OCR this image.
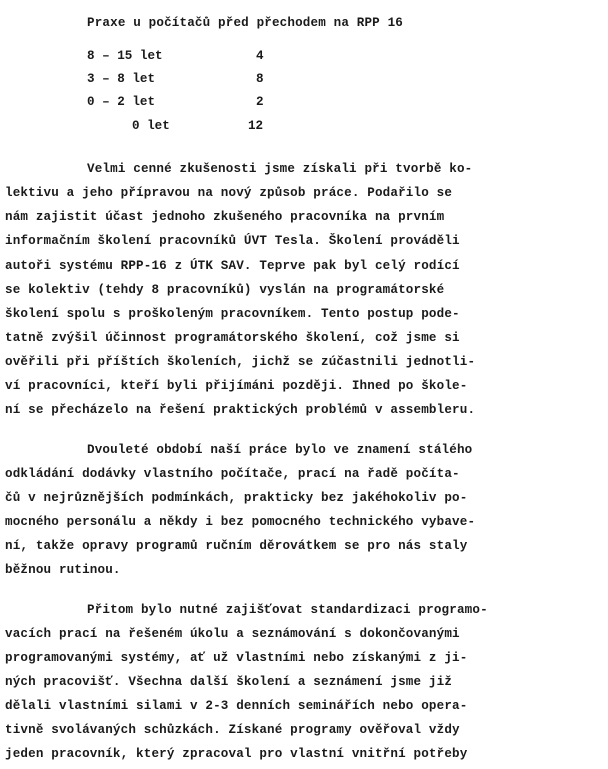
Praxe u počítačů před přechodem na RPP 16
8 – 15 let	4
3 – 8 let	8
0 – 2 let	2
0 let	12
Velmi cenné zkušenosti jsme získali při tvorbě ko-
lektivu a jeho přípravou na nový způsob práce. Podařilo se
nám zajistit účast jednoho zkušeného pracovníka na prvním
informačním školení pracovníků ÚVT Tesla. Školení prováděli
autoři systému RPP-16 z ÚTK SAV. Teprve pak byl celý rodící
se kolektiv (tehdy 8 pracovníků) vyslán na programátorské
školení spolu s proškoleným pracovníkem. Tento postup pode-
tatně zvýšil účinnost programátorského školení, což jsme si
ověřili při příštích školeních, jichž se zúčastnili jednotli-
ví pracovníci, kteří byli přijímáni později. Ihned po škole-
ní se přecházelo na řešení praktických problémů v assembleru.
Dvouleté období naší práce bylo ve znamení stálého
odkládání dodávky vlastního počítače, prací na řadě počíta-
čů v nejrůznějších podmínkách, prakticky bez jakéhokoliv po-
mocného personálu a někdy i bez pomocného technického vybave-
ní, takže opravy programů ručním děrovátkem se pro nás staly
běžnou rutinou.
Přitom bylo nutné zajišťovat standardizaci programo-
vacích prací na řešeném úkolu a seznámování s dokončovanými
programovanými systémy, ať už vlastními nebo získanými z ji-
ných pracovišť. Všechna další školení a seznámení jsme již
dělali vlastními silami v 2-3 denních seminářích nebo opera-
tivně svolávaných schůzkách. Získané programy ověřoval vždy
jeden pracovník, který zpracoval pro vlastní vnitřní potřeby
